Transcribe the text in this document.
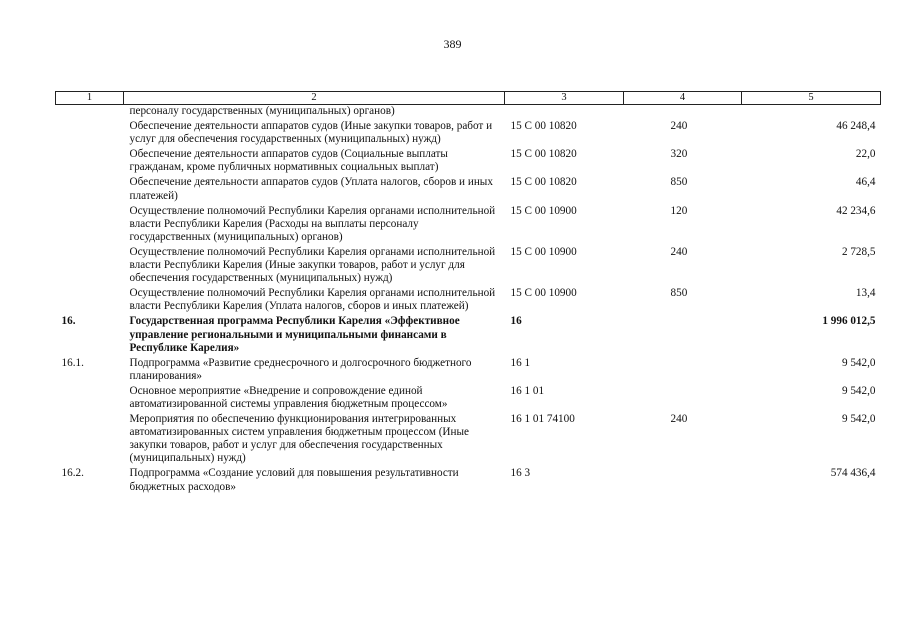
389
1	2	3	4	5
	персоналу государственных (муниципальных) органов)			
	Обеспечение деятельности аппаратов судов (Иные закупки товаров, работ и услуг для обеспечения государственных (муниципальных) нужд)	15 С 00 10820	240	46 248,4
	Обеспечение деятельности аппаратов судов (Социальные выплаты гражданам, кроме публичных нормативных социальных выплат)	15 С 00 10820	320	22,0
	Обеспечение деятельности аппаратов судов (Уплата налогов, сборов и иных платежей)	15 С 00 10820	850	46,4
	Осуществление полномочий Республики Карелия органами исполнительной власти Республики Карелия (Расходы на выплаты персоналу государственных (муниципальных) органов)	15 С 00 10900	120	42 234,6
	Осуществление полномочий Республики Карелия органами исполнительной власти Республики Карелия (Иные закупки товаров, работ и услуг для обеспечения государственных (муниципальных) нужд)	15 С 00 10900	240	2 728,5
	Осуществление полномочий Республики Карелия органами исполнительной власти Республики Карелия (Уплата налогов, сборов и иных платежей)	15 С 00 10900	850	13,4
16.	Государственная программа Республики Карелия «Эффективное управление региональными и муниципальными финансами в Республике Карелия»	16		1 996 012,5
16.1.	Подпрограмма «Развитие среднесрочного и долгосрочного бюджетного планирования»	16 1		9 542,0
	Основное мероприятие «Внедрение и сопровождение единой автоматизированной системы управления бюджетным процессом»	16 1 01		9 542,0
	Мероприятия по обеспечению функционирования интегрированных автоматизированных систем управления бюджетным процессом (Иные закупки товаров, работ и услуг для обеспечения государственных (муниципальных) нужд)	16 1 01 74100	240	9 542,0
16.2.	Подпрограмма «Создание условий для повышения результативности бюджетных расходов»	16 3		574 436,4
